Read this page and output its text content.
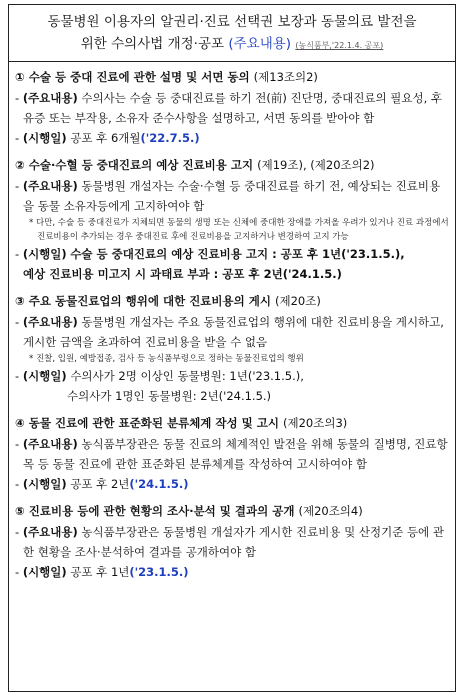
동물병원 이용자의 알권리·진료 선택권 보장과 동물의료 발전을
위한 수의사법 개정·공포 (주요내용) (농식품부,'22.1.4. 공포)
① 수술 등 중대 진료에 관한 설명 및 서면 동의 (제13조의2)
- (주요내용) 수의사는 수술 등 중대진료를 하기 전(前) 진단명, 중대진료의 필요성, 후유증 또는 부작용, 소유자 준수사항을 설명하고, 서면 동의를 받아야 함
- (시행일) 공포 후 6개월('22.7.5.)
② 수술·수혈 등 중대진료의 예상 진료비용 고지 (제19조), (제20조의2)
- (주요내용) 동물병원 개설자는 수술·수혈 등 중대진료를 하기 전, 예상되는 진료비용을 동물 소유자등에게 고지하여야 함
* 다만, 수술 등 중대진료가 지체되면 동물의 생명 또는 신체에 중대한 장애를 가져올 우려가 있거나 진료 과정에서 진료비용이 추가되는 경우 중대진료 후에 진료비용을 고지하거나 변경하여 고지 가능
- (시행일) 수술 등 중대진료의 예상 진료비용 고지 : 공포 후 1년('23.1.5.),
예상 진료비용 미고지 시 과태료 부과 : 공포 후 2년('24.1.5.)
③ 주요 동물진료업의 행위에 대한 진료비용의 게시 (제20조)
- (주요내용) 동물병원 개설자는 주요 동물진료업의 행위에 대한 진료비용을 게시하고, 게시한 금액을 초과하여 진료비용을 받을 수 없음
* 진찰, 입원, 예방접종, 검사 등 농식품부령으로 정하는 동물진료업의 행위
- (시행일) 수의사가 2명 이상인 동물병원: 1년('23.1.5.),
수의사가 1명인 동물병원: 2년('24.1.5.)
④ 동물 진료에 관한 표준화된 분류체계 작성 및 고시 (제20조의3)
- (주요내용) 농식품부장관은 동물 진료의 체계적인 발전을 위해 동물의 질병명, 진료항목 등 동물 진료에 관한 표준화된 분류체계를 작성하여 고시하여야 함
- (시행일) 공포 후 2년('24.1.5.)
⑤ 진료비용 등에 관한 현황의 조사·분석 및 결과의 공개 (제20조의4)
- (주요내용) 농식품부장관은 동물병원 개설자가 게시한 진료비용 및 산정기준 등에 관한 현황을 조사·분석하여 결과를 공개하여야 함
- (시행일) 공포 후 1년('23.1.5.)
